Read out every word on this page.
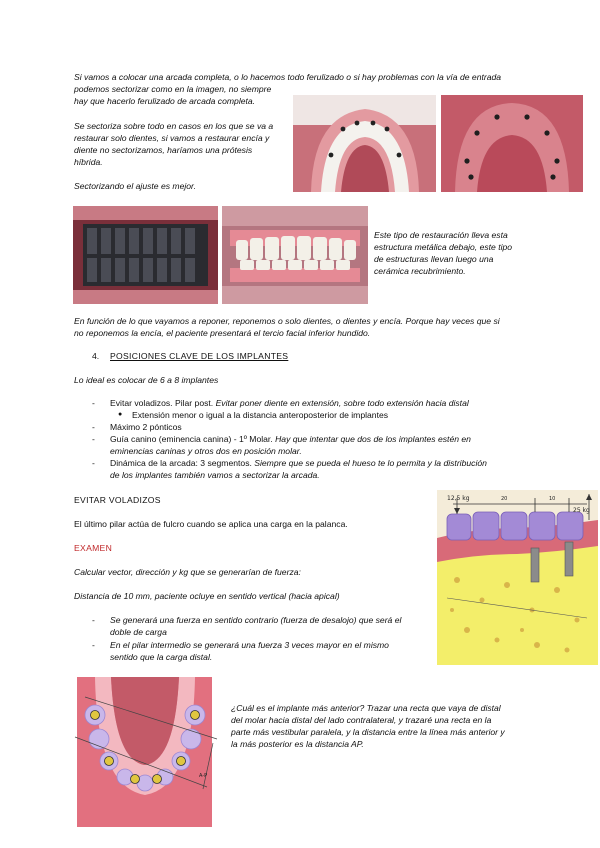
Si vamos a colocar una arcada completa, o lo hacemos todo ferulizado o si hay problemas con la vía de entrada

podemos sectorizar como en la imagen, no siempre

hay que hacerlo ferulizado de arcada completa.

Se sectoriza sobre todo en casos en los que se va a

restaurar solo dientes, si vamos a restaurar encía y

diente no sectorizamos, haríamos una prótesis

híbrida.

Sectorizando el ajuste es mejor.

Este tipo de restauración lleva esta

estructura metálica debajo, este tipo

de estructuras llevan luego una

cerámica recubrimiento.

En función de lo que vayamos a reponer, reponemos o solo dientes, o dientes y encía. Porque hay veces que si

no reponemos la encía, el paciente presentará el tercio facial inferior hundido.

4. POSICIONES CLAVE DE LOS IMPLANTES

Lo ideal es colocar de 6 a 8 implantes

- Evitar voladizos. Pilar post. Evitar poner diente en extensión, sobre todo extensión hacia distal

● Extensión menor o igual a la distancia anteroposterior de implantes

- Máximo 2 pónticos

- Guía canino (eminencia canina) - 1º Molar. Hay que intentar que dos de los implantes estén en

eminencias caninas y otros dos en posición molar.

- Dinámica de la arcada: 3 segmentos. Siempre que se pueda el hueso te lo permita y la distribución

de los implantes también vamos a sectorizar la arcada.

EVITAR VOLADIZOS

El último pilar actúa de fulcro cuando se aplica una carga en la palanca.

EXAMEN

Calcular vector, dirección y kg que se generarían de fuerza:

Distancia de 10 mm, paciente ocluye en sentido vertical (hacia apical)

- Se generará una fuerza en sentido contrario (fuerza de desalojo) que será el

doble de carga

- En el pilar intermedio se generará una fuerza 3 veces mayor en el mismo

sentido que la carga distal.

12,5 kg	20	10
25 kg
A-P

¿Cuál es el implante más anterior? Trazar una recta que vaya de distal

del molar hacia distal del lado contralateral, y trazaré una recta en la

parte más vestibular paralela, y la distancia entre la línea más anterior y

la más posterior es la distancia AP.
